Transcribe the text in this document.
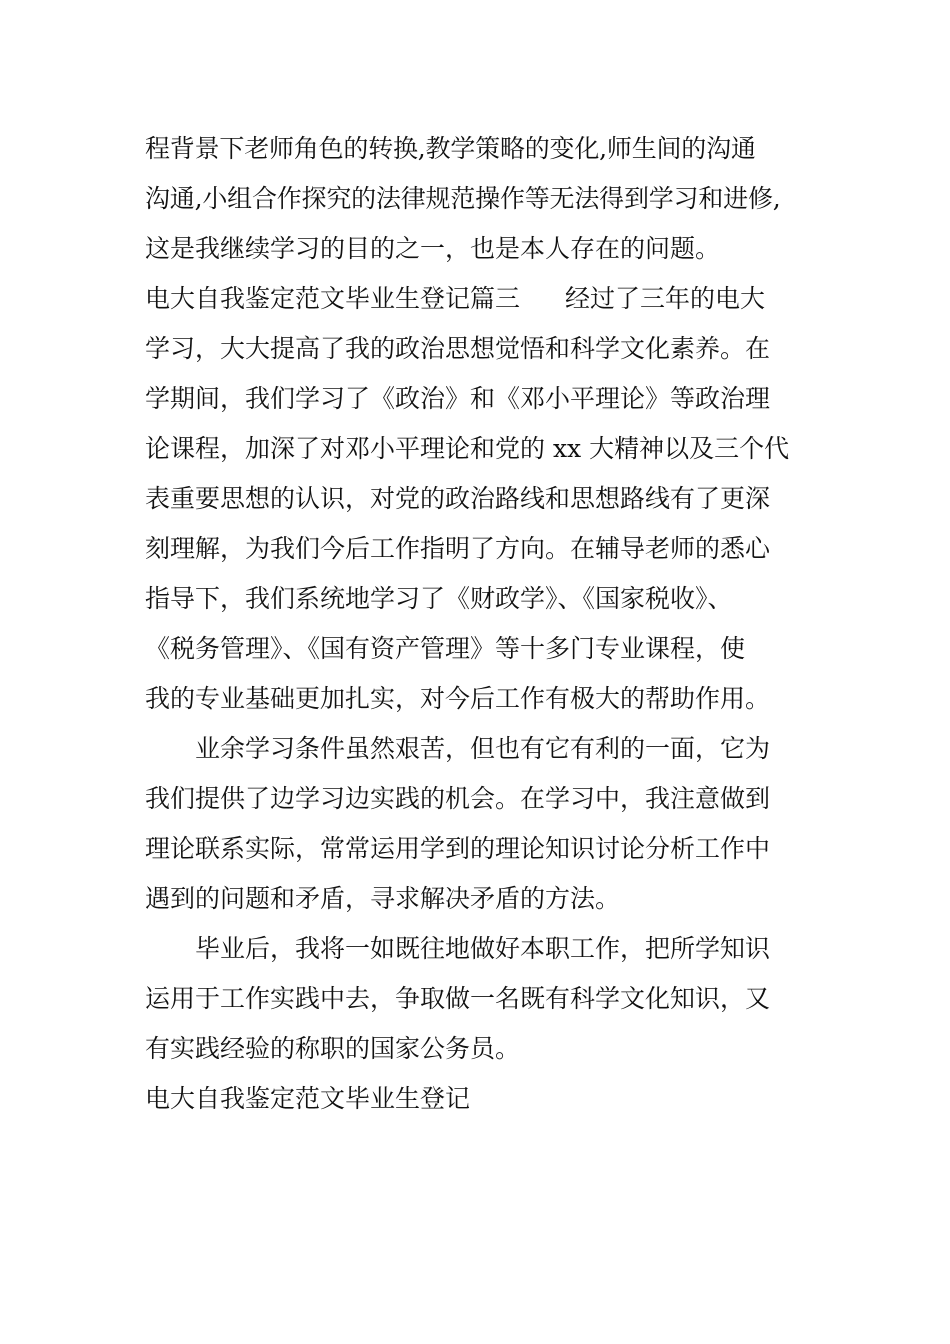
程背景下老师角色的转换,教学策略的变化,师生间的沟通
沟通,小组合作探究的法律规范操作等无法得到学习和进修,
这是我继续学习的目的之一，也是本人存在的问题。
电大自我鉴定范文毕业生登记篇三 经过了三年的电大
学习，大大提高了我的政治思想觉悟和科学文化素养。在
学期间，我们学习了《政治》和《邓小平理论》等政治理
论课程，加深了对邓小平理论和党的 xx 大精神以及三个代
表重要思想的认识，对党的政治路线和思想路线有了更深
刻理解，为我们今后工作指明了方向。在辅导老师的悉心
指导下，我们系统地学习了《财政学》、《国家税收》、
《税务管理》、《国有资产管理》等十多门专业课程，使
我的专业基础更加扎实，对今后工作有极大的帮助作用。
业余学习条件虽然艰苦，但也有它有利的一面，它为
我们提供了边学习边实践的机会。在学习中，我注意做到
理论联系实际，常常运用学到的理论知识讨论分析工作中
遇到的问题和矛盾，寻求解决矛盾的方法。
毕业后，我将一如既往地做好本职工作，把所学知识
运用于工作实践中去，争取做一名既有科学文化知识，又
有实践经验的称职的国家公务员。
电大自我鉴定范文毕业生登记
